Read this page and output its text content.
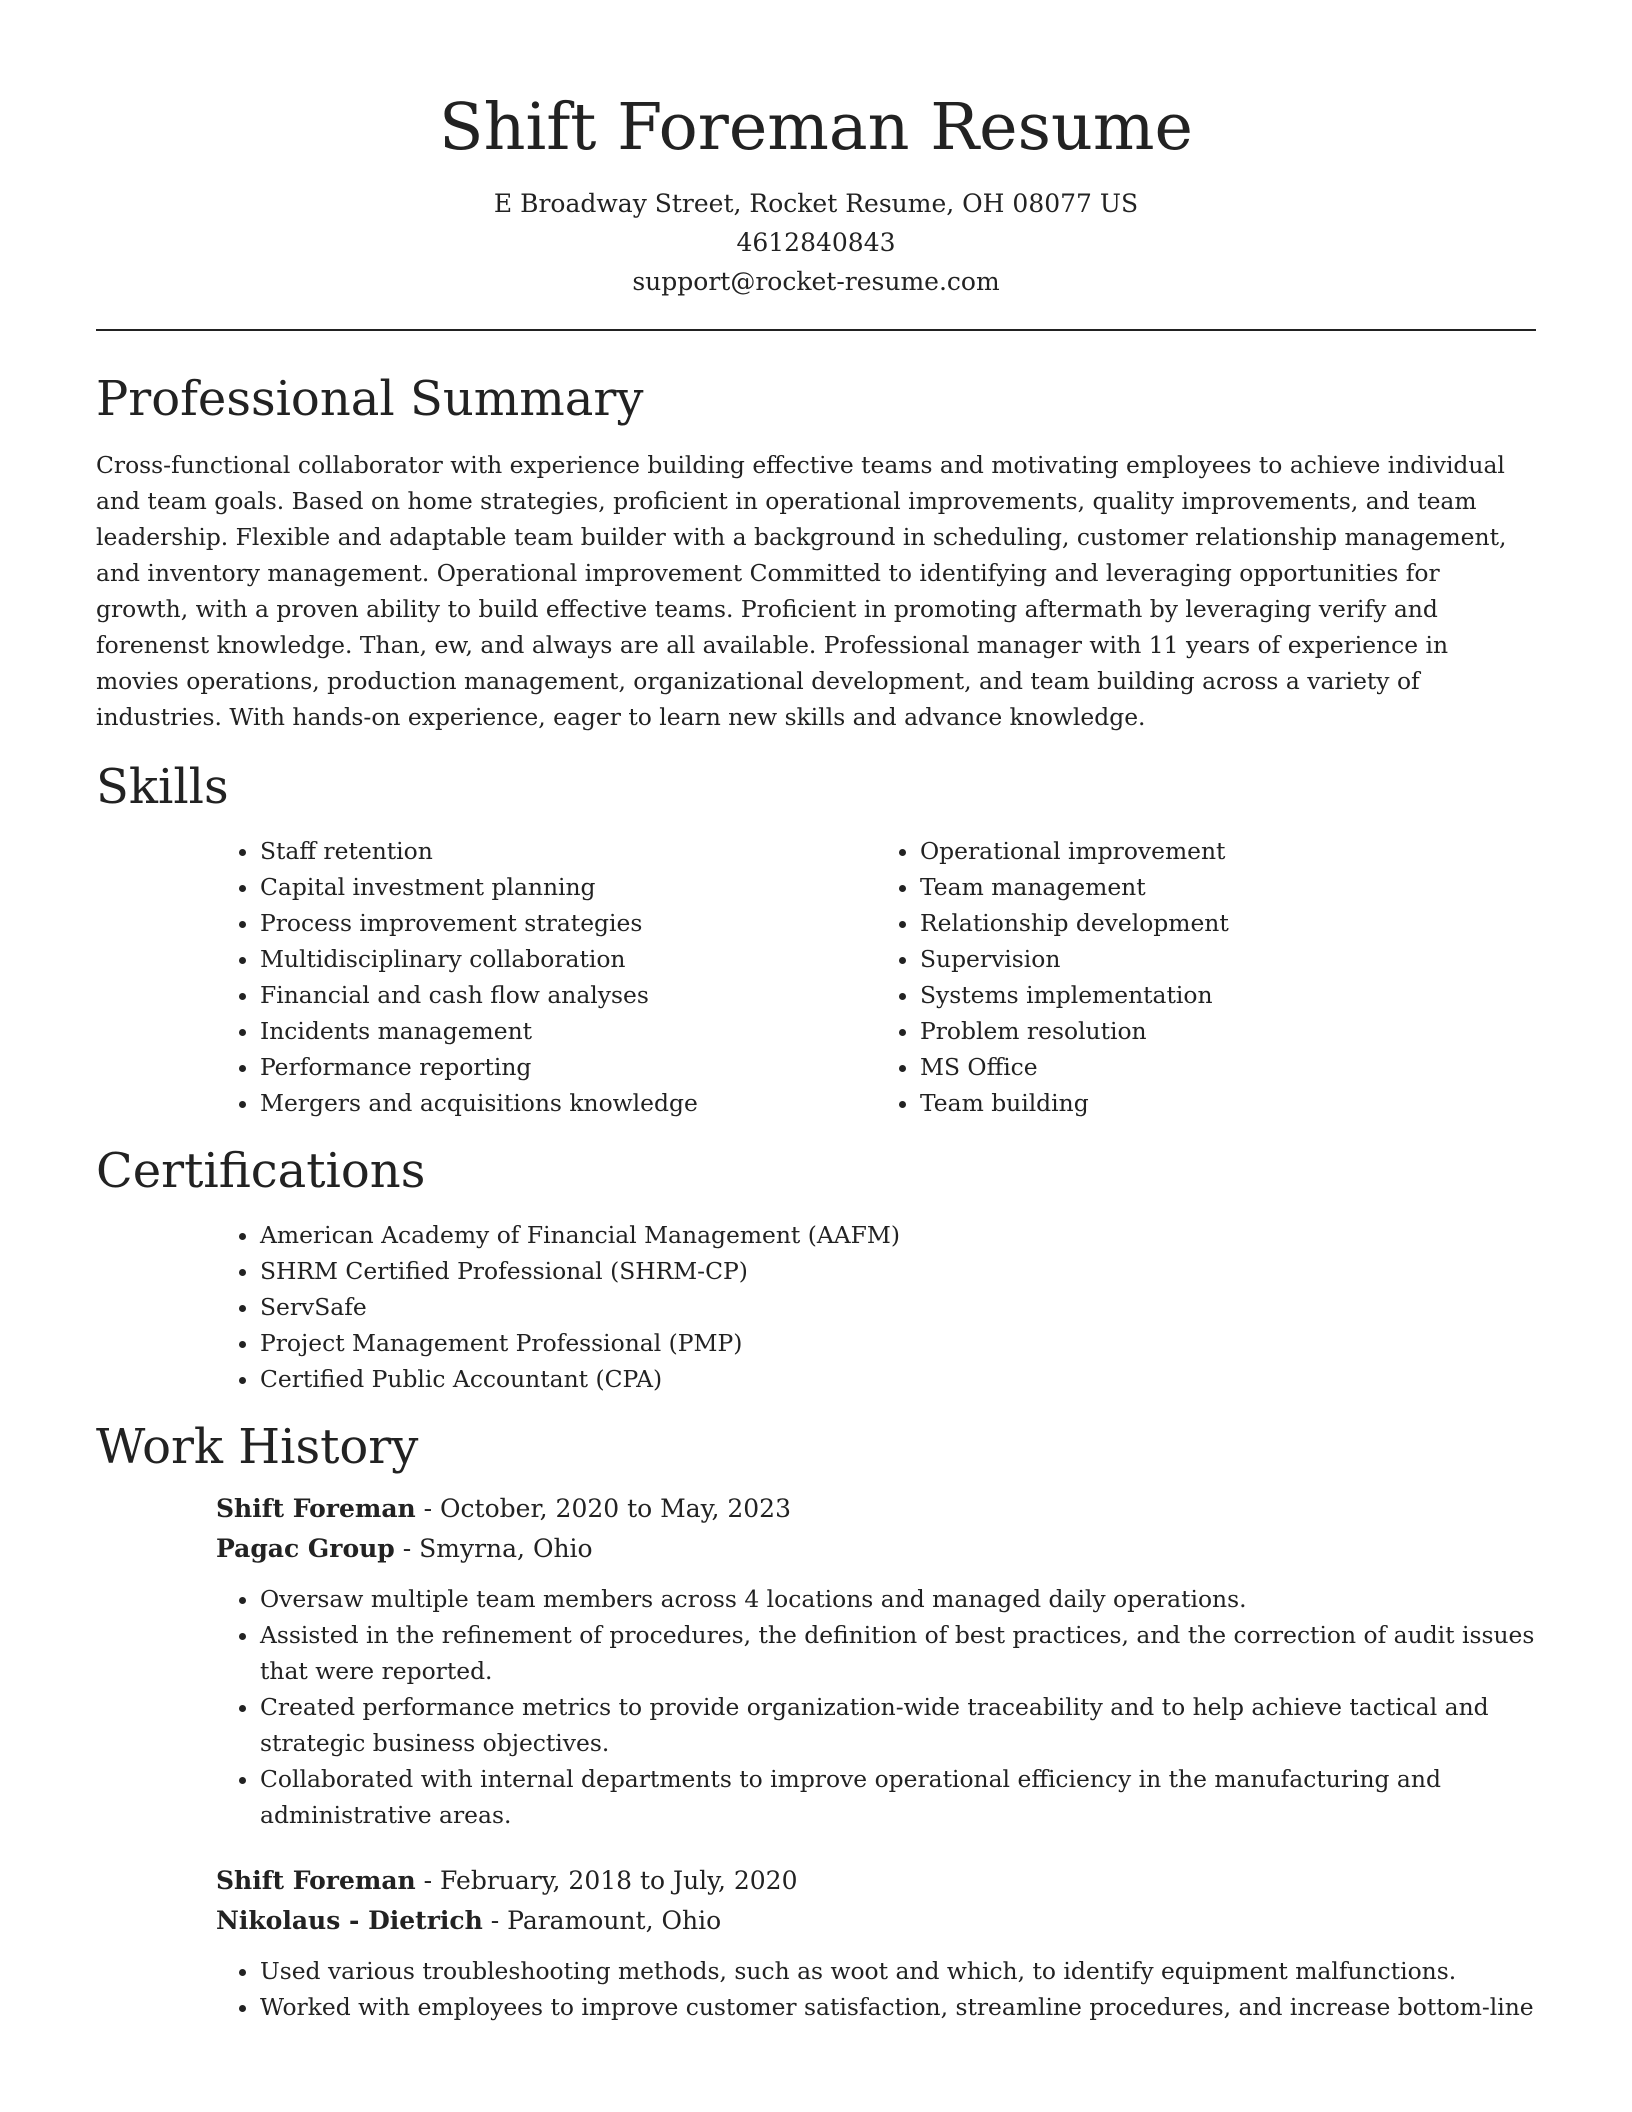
Shift Foreman Resume

E Broadway Street, Rocket Resume, OH 08077 US
4612840843
support@rocket-resume.com

Professional Summary

Cross-functional collaborator with experience building effective teams and motivating employees to achieve individual and team goals. Based on home strategies, proficient in operational improvements, quality improvements, and team leadership. Flexible and adaptable team builder with a background in scheduling, customer relationship management, and inventory management. Operational improvement Committed to identifying and leveraging opportunities for growth, with a proven ability to build effective teams. Proficient in promoting aftermath by leveraging verify and forenenst knowledge. Than, ew, and always are all available. Professional manager with 11 years of experience in movies operations, production management, organizational development, and team building across a variety of industries. With hands-on experience, eager to learn new skills and advance knowledge.

Skills
• Staff retention
• Capital investment planning
• Process improvement strategies
• Multidisciplinary collaboration
• Financial and cash flow analyses
• Incidents management
• Performance reporting
• Mergers and acquisitions knowledge
• Operational improvement
• Team management
• Relationship development
• Supervision
• Systems implementation
• Problem resolution
• MS Office
• Team building
Certifications
• American Academy of Financial Management (AAFM)
• SHRM Certified Professional (SHRM-CP)
• ServSafe
• Project Management Professional (PMP)
• Certified Public Accountant (CPA)
Work History

Shift Foreman - October, 2020 to May, 2023

Pagac Group - Smyrna, Ohio

• Oversaw multiple team members across 4 locations and managed daily operations.
• Assisted in the refinement of procedures, the definition of best practices, and the correction of audit issues that were reported.
• Created performance metrics to provide organization-wide traceability and to help achieve tactical and strategic business objectives.
• Collaborated with internal departments to improve operational efficiency in the manufacturing and administrative areas.

Shift Foreman - February, 2018 to July, 2020

Nikolaus - Dietrich - Paramount, Ohio

• Used various troubleshooting methods, such as woot and which, to identify equipment malfunctions.
• Worked with employees to improve customer satisfaction, streamline procedures, and increase bottom-line
